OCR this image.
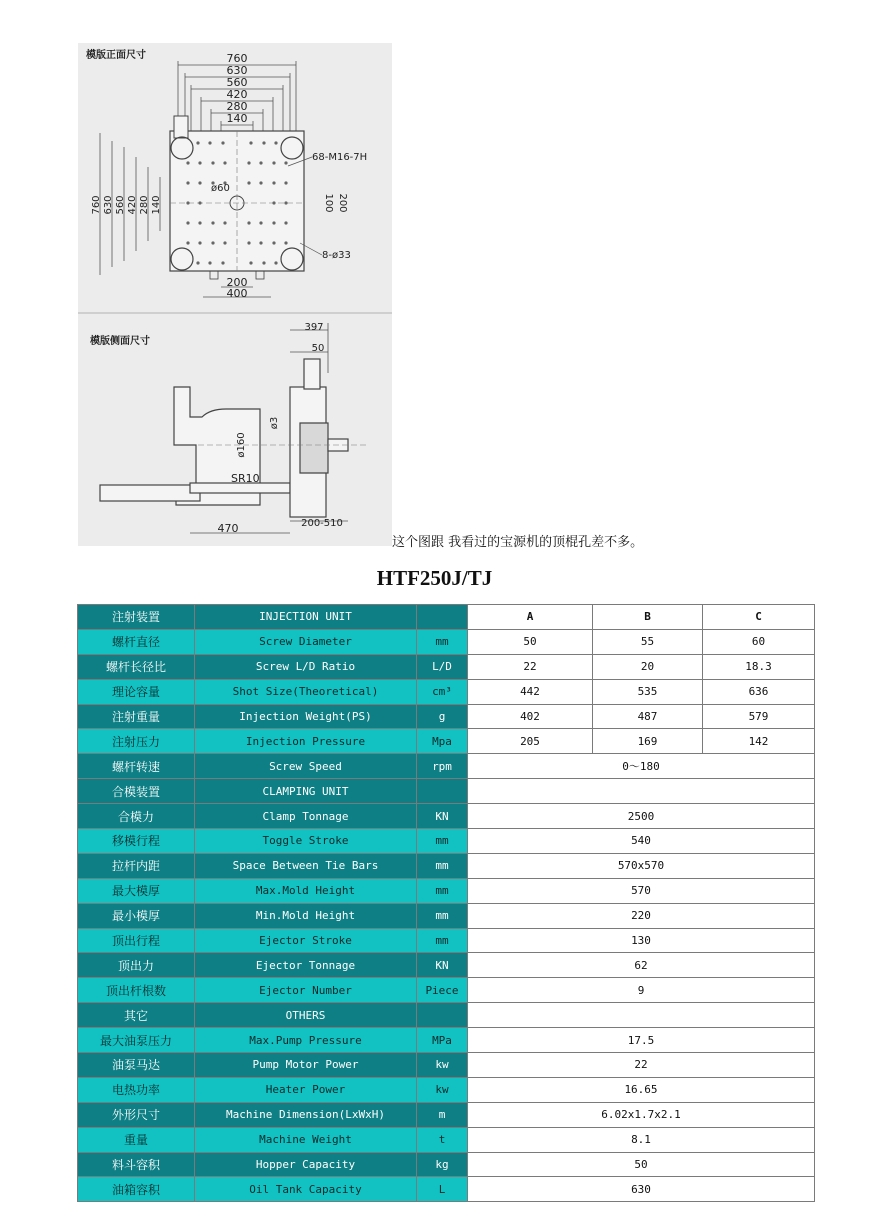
模版正面尺寸	760
630
560
420
280
140
760 630 560 420 280 140
68-M16-7H
ø60
8-ø33
100 200
200
400
模版侧面尺寸
397
50
ø160
ø3
SR10
470	200-510
这个图跟 我看过的宝源机的顶棍孔差不多。
HTF250J/TJ
注射装置	INJECTION UNIT		A	B	C
螺杆直径	Screw Diameter	mm	50	55	60
螺杆长径比	Screw L/D Ratio	L/D	22	20	18.3
理论容量	Shot Size(Theoretical)	cm³	442	535	636
注射重量	Injection Weight(PS)	g	402	487	579
注射压力	Injection Pressure	Mpa	205	169	142
螺杆转速	Screw Speed	rpm	0～180		
合模装置	CLAMPING UNIT				
合模力	Clamp Tonnage	KN	2500		
移模行程	Toggle Stroke	mm	540		
拉杆内距	Space Between Tie Bars	mm	570x570		
最大模厚	Max.Mold Height	mm	570		
最小模厚	Min.Mold Height	mm	220		
顶出行程	Ejector Stroke	mm	130		
顶出力	Ejector Tonnage	KN	62		
顶出杆根数	Ejector Number	Piece	9		
其它	OTHERS				
最大油泵压力	Max.Pump Pressure	MPa	17.5		
油泵马达	Pump Motor Power	kw	22		
电热功率	Heater Power	kw	16.65		
外形尺寸	Machine Dimension(LxWxH)	m	6.02x1.7x2.1		
重量	Machine Weight	t	8.1		
料斗容积	Hopper Capacity	kg	50		
油箱容积	Oil Tank Capacity	L	630		
